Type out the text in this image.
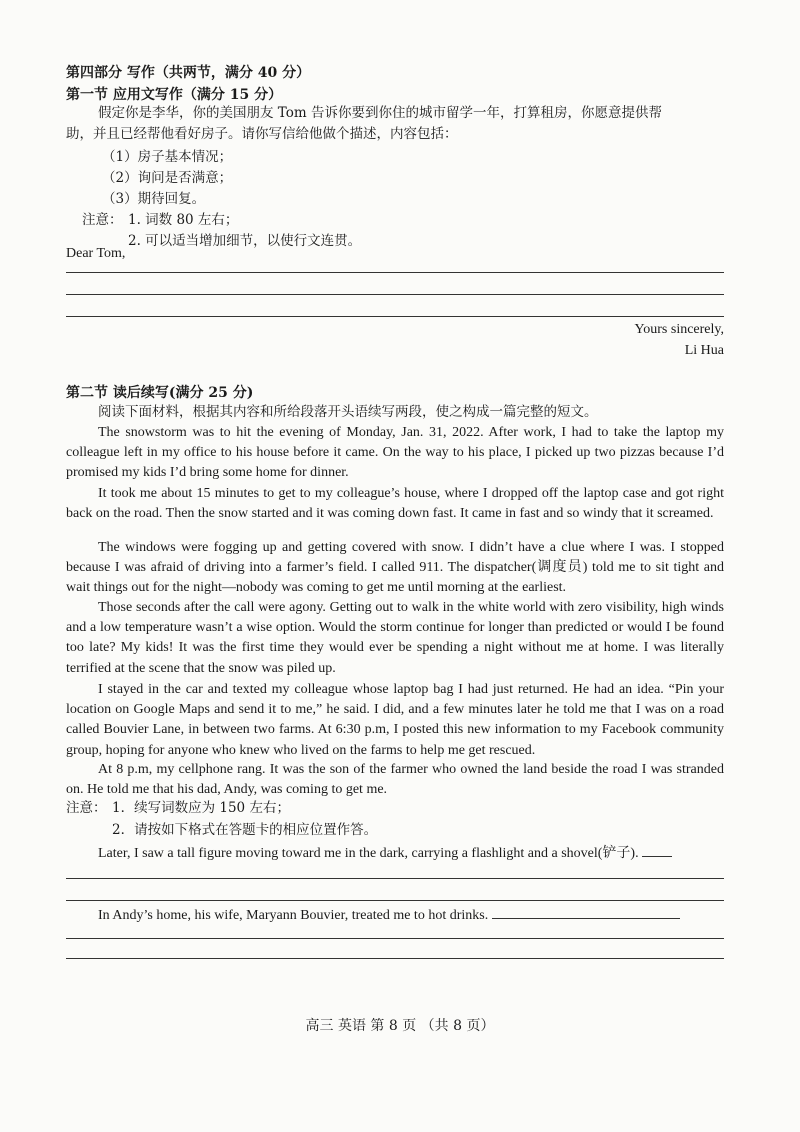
第四部分 写作（共两节，满分 40 分）
第一节 应用文写作（满分 15 分）
假定你是李华，你的美国朋友 Tom 告诉你要到你住的城市留学一年，打算租房，你愿意提供帮
助，并且已经帮他看好房子。请你写信给他做个描述，内容包括：
（1）房子基本情况；
（2）询问是否满意；
（3）期待回复。
注意： 1. 词数 80 左右；
2. 可以适当增加细节，以使行文连贯。
Dear Tom,
Yours sincerely,
Li Hua
第二节 读后续写(满分 25 分)
阅读下面材料，根据其内容和所给段落开头语续写两段，使之构成一篇完整的短文。
The snowstorm was to hit the evening of Monday, Jan. 31, 2022. After work, I had to take the laptop my colleague left in my office to his house before it came. On the way to his place, I picked up two pizzas because I’d promised my kids I’d bring some home for dinner.
It took me about 15 minutes to get to my colleague’s house, where I dropped off the laptop case and got right back on the road. Then the snow started and it was coming down fast. It came in fast and so windy that it screamed.
The windows were fogging up and getting covered with snow. I didn’t have a clue where I was. I stopped because I was afraid of driving into a farmer’s field. I called 911. The dispatcher(调度员) told me to sit tight and wait things out for the night—nobody was coming to get me until morning at the earliest.
Those seconds after the call were agony. Getting out to walk in the white world with zero visibility, high winds and a low temperature wasn’t a wise option. Would the storm continue for longer than predicted or would I be found too late? My kids! It was the first time they would ever be spending a night without me at home. I was literally terrified at the scene that the snow was piled up.
I stayed in the car and texted my colleague whose laptop bag I had just returned. He had an idea. “Pin your location on Google Maps and send it to me,” he said. I did, and a few minutes later he told me that I was on a road called Bouvier Lane, in between two farms. At 6:30 p.m, I posted this new information to my Facebook community group, hoping for anyone who knew who lived on the farms to help me get rescued.
At 8 p.m, my cellphone rang. It was the son of the farmer who owned the land beside the road I was stranded on. He told me that his dad, Andy, was coming to get me.
注意： 1．续写词数应为 150 左右；
2．请按如下格式在答题卡的相应位置作答。
Later, I saw a tall figure moving toward me in the dark, carrying a flashlight and a shovel(铲子).
In Andy’s home, his wife, Maryann Bouvier, treated me to hot drinks.
高三 英语 第 8 页 （共 8 页）
